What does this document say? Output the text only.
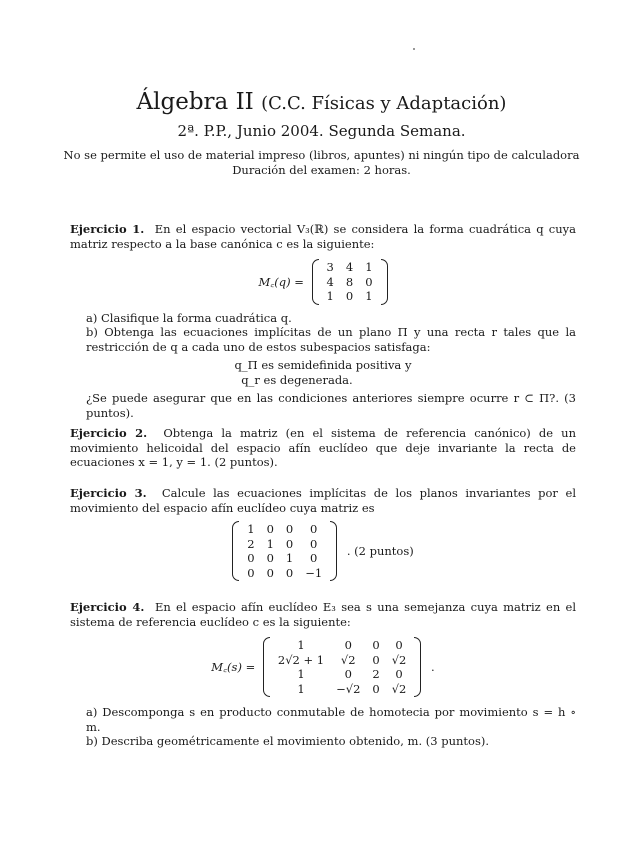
Álgebra II (C.C. Físicas y Adaptación)
2ª. P.P., Junio 2004. Segunda Semana.
No se permite el uso de material impreso (libros, apuntes) ni ningún tipo de calculadora
Duración del examen: 2 horas.

Ejercicio 1. En el espacio vectorial V₃(ℝ) se considera la forma cuadrática q cuya matriz respecto a la base canónica c es la siguiente:

M꜀(q) =
3	4	1
4	8	0
1	0	1

a) Clasifique la forma cuadrática q.

b) Obtenga las ecuaciones implícitas de un plano Π y una recta r tales que la restricción de q a cada uno de estos subespacios satisfaga:

q_Π es semidefinida positiva y
q_r es degenerada.

¿Se puede asegurar que en las condiciones anteriores siempre ocurre r ⊂ Π?. (3 puntos).

Ejercicio 2. Obtenga la matriz (en el sistema de referencia canónico) de un movimiento helicoidal del espacio afín euclídeo que deje invariante la recta de ecuaciones x = 1, y = 1. (2 puntos).

Ejercicio 3. Calcule las ecuaciones implícitas de los planos invariantes por el movimiento del espacio afín euclídeo cuya matriz es

1	0	0	0
2	1	0	0
0	0	1	0
0	0	0	−1
. (2 puntos)

Ejercicio 4. En el espacio afín euclídeo E₃ sea s una semejanza cuya matriz en el sistema de referencia euclídeo c es la siguiente:

M꜀(s) =
1	0	0	0
2√2 + 1	√2	0	√2
1	0	2	0
1	−√2	0	√2
.

a) Descomponga s en producto conmutable de homotecia por movimiento s = h ∘ m.

b) Describa geométricamente el movimiento obtenido, m. (3 puntos).
